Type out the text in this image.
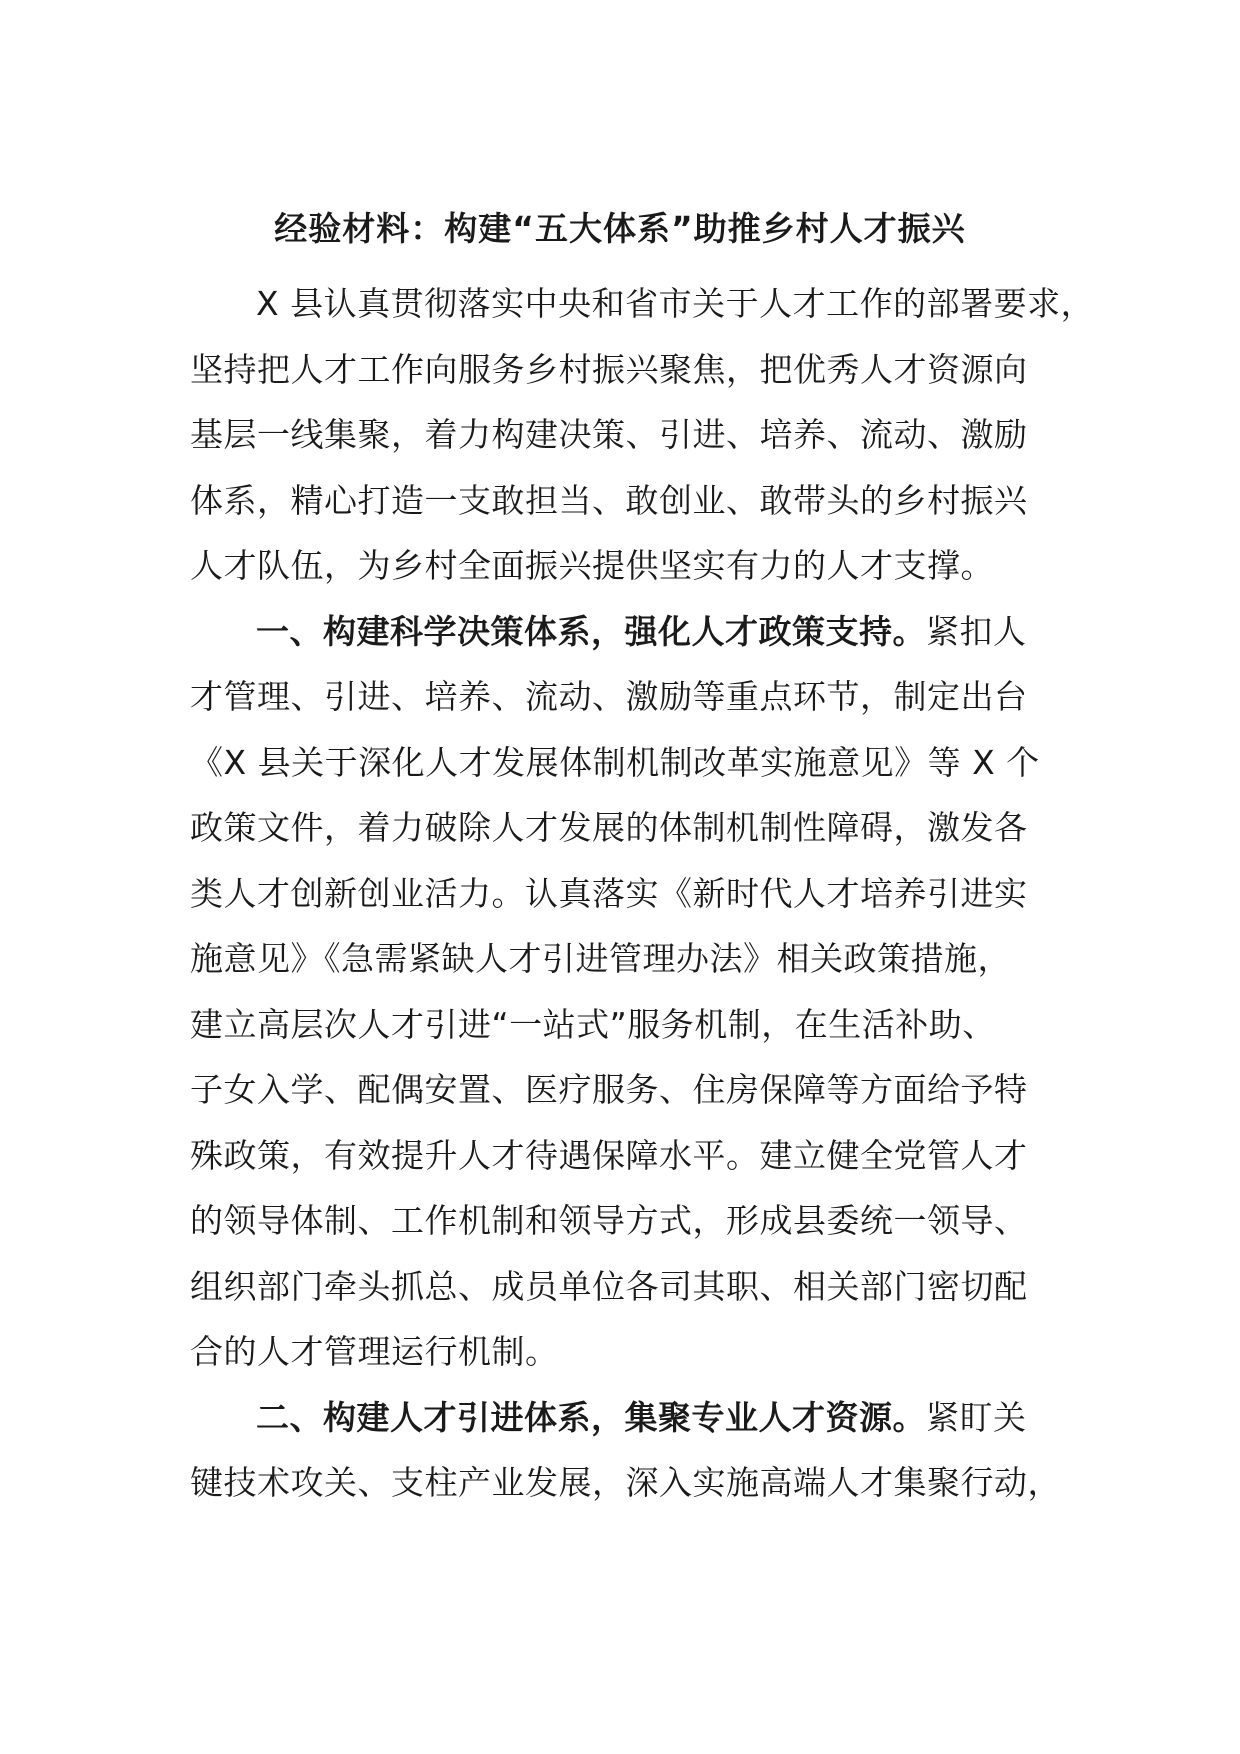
经验材料：构建“五大体系”助推乡村人才振兴
X 县认真贯彻落实中央和省市关于人才工作的部署要求，
坚持把人才工作向服务乡村振兴聚焦，把优秀人才资源向
基层一线集聚，着力构建决策、引进、培养、流动、激励
体系，精心打造一支敢担当、敢创业、敢带头的乡村振兴
人才队伍，为乡村全面振兴提供坚实有力的人才支撑。
一、构建科学决策体系，强化人才政策支持。紧扣人
才管理、引进、培养、流动、激励等重点环节，制定出台
《X 县关于深化人才发展体制机制改革实施意见》等 X 个
政策文件，着力破除人才发展的体制机制性障碍，激发各
类人才创新创业活力。认真落实《新时代人才培养引进实
施意见》《急需紧缺人才引进管理办法》相关政策措施，
建立高层次人才引进“一站式”服务机制，在生活补助、
子女入学、配偶安置、医疗服务、住房保障等方面给予特
殊政策，有效提升人才待遇保障水平。建立健全党管人才
的领导体制、工作机制和领导方式，形成县委统一领导、
组织部门牵头抓总、成员单位各司其职、相关部门密切配
合的人才管理运行机制。
二、构建人才引进体系，集聚专业人才资源。紧盯关
键技术攻关、支柱产业发展，深入实施高端人才集聚行动，
